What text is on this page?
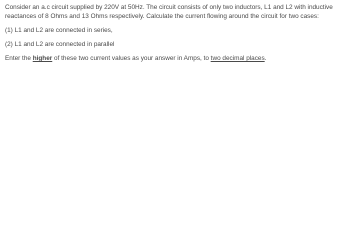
Consider an a.c circuit supplied by 220V at 50Hz. The circuit consists of only two inductors, L1 and L2 with inductive reactances of 8 Ohms and 13 Ohms respectively. Calculate the current flowing around the circuit for two cases:

(1) L1 and L2 are connected in series,

(2) L1 and L2 are connected in parallel

Enter the higher of these two current values as your answer in Amps, to two decimal places.
